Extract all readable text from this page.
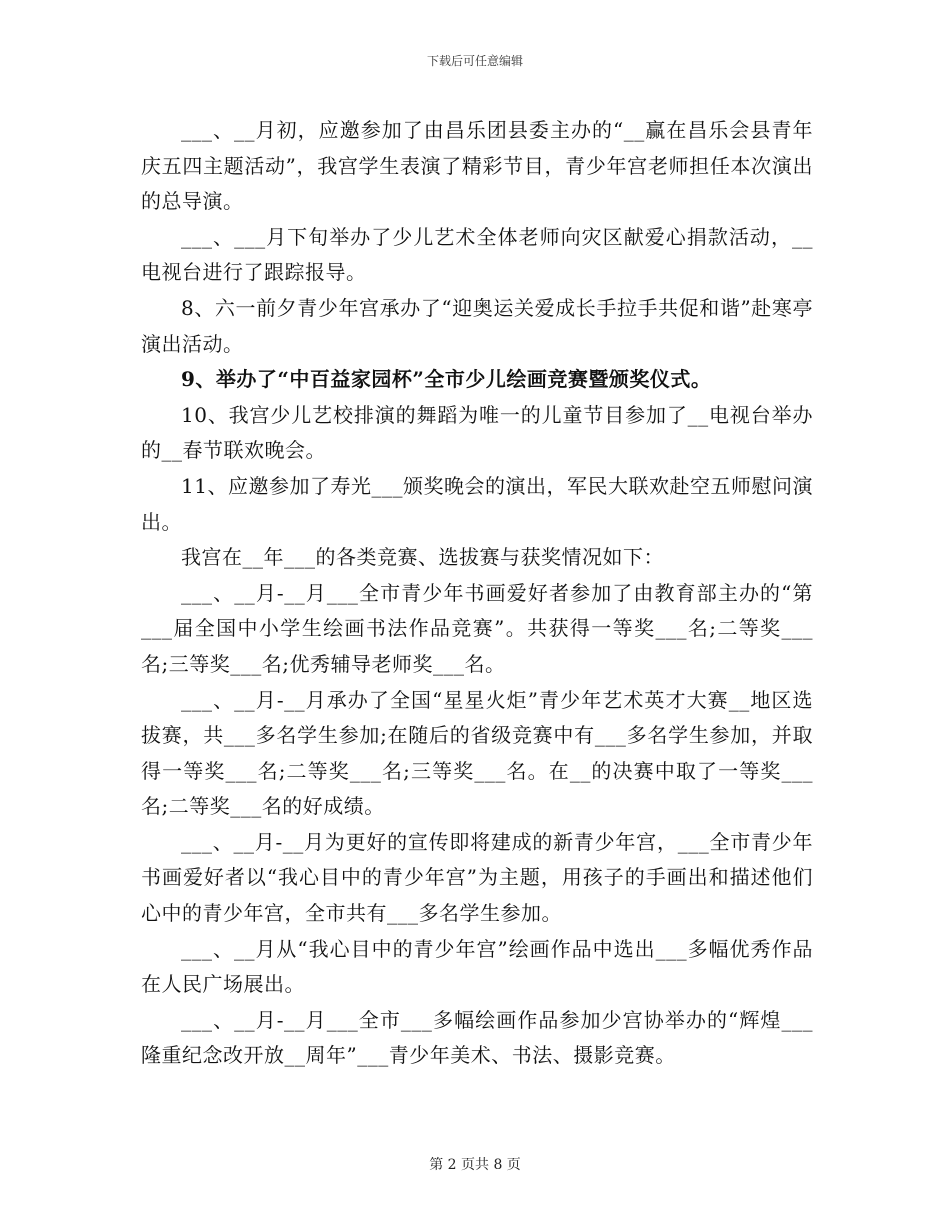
下载后可任意编辑

___、__月初，应邀参加了由昌乐团县委主办的“__赢在昌乐会县青年庆五四主题活动”，我宫学生表演了精彩节目，青少年宫老师担任本次演出的总导演。

___、___月下旬举办了少儿艺术全体老师向灾区献爱心捐款活动，__电视台进行了跟踪报导。

8、六一前夕青少年宫承办了“迎奥运关爱成长手拉手共促和谐”赴寒亭演出活动。

9、举办了“中百益家园杯”全市少儿绘画竞赛暨颁奖仪式。

10、我宫少儿艺校排演的舞蹈为唯一的儿童节目参加了__电视台举办的__春节联欢晚会。

11、应邀参加了寿光___颁奖晚会的演出，军民大联欢赴空五师慰问演出。

我宫在__年___的各类竞赛、选拔赛与获奖情况如下：

___、__月-__月___全市青少年书画爱好者参加了由教育部主办的“第___届全国中小学生绘画书法作品竞赛”。共获得一等奖___名;二等奖___名;三等奖___名;优秀辅导老师奖___名。

___、__月-__月承办了全国“星星火炬”青少年艺术英才大赛__地区选拔赛，共___多名学生参加;在随后的省级竞赛中有___多名学生参加，并取得一等奖___名;二等奖___名;三等奖___名。在__的决赛中取了一等奖___名;二等奖___名的好成绩。

___、__月-__月为更好的宣传即将建成的新青少年宫，___全市青少年书画爱好者以“我心目中的青少年宫”为主题，用孩子的手画出和描述他们心中的青少年宫，全市共有___多名学生参加。

___、__月从“我心目中的青少年宫”绘画作品中选出___多幅优秀作品在人民广场展出。

___、__月-__月___全市___多幅绘画作品参加少宫协举办的“辉煌___隆重纪念改开放__周年”___青少年美术、书法、摄影竞赛。

第 2 页共 8 页
